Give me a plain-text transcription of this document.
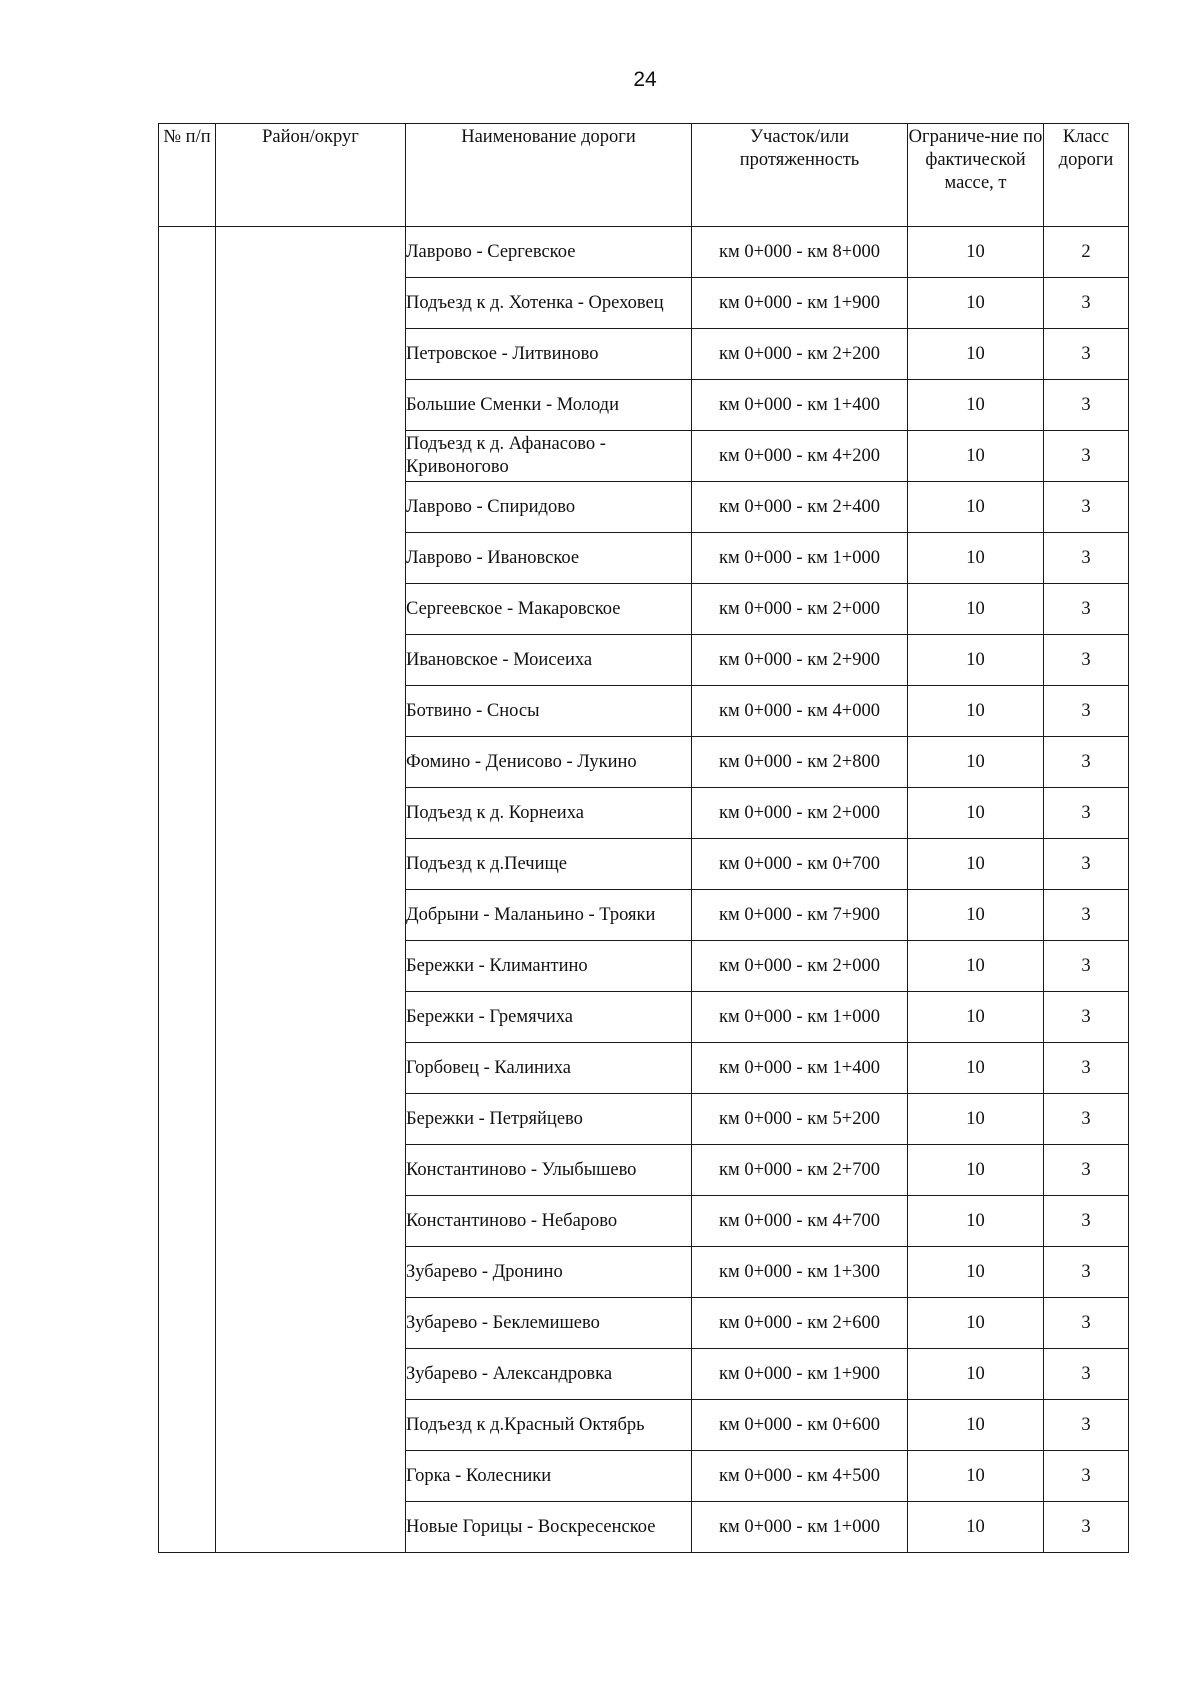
24
№ п/п	Район/округ	Наименование дороги	Участок/или протяженность	Ограниче-ние по фактической массе, т	Класс дороги
		Лаврово - Сергевское	км 0+000 - км 8+000	10	2
		Подъезд к д. Хотенка - Ореховец	км 0+000 - км 1+900	10	3
		Петровское - Литвиново	км 0+000 - км 2+200	10	3
		Большие Сменки - Молоди	км 0+000 - км 1+400	10	3
		Подъезд к д. Афанасово - Кривоногово	км 0+000 - км 4+200	10	3
		Лаврово - Спиридово	км 0+000 - км 2+400	10	3
		Лаврово - Ивановское	км 0+000 - км 1+000	10	3
		Сергеевское - Макаровское	км 0+000 - км 2+000	10	3
		Ивановское - Моисеиха	км 0+000 - км 2+900	10	3
		Ботвино - Сносы	км 0+000 - км 4+000	10	3
		Фомино - Денисово - Лукино	км 0+000 - км 2+800	10	3
		Подъезд к д. Корнеиха	км 0+000 - км 2+000	10	3
		Подъезд к д.Печище	км 0+000 - км 0+700	10	3
		Добрыни - Маланьино - Трояки	км 0+000 - км 7+900	10	3
		Бережки - Климантино	км 0+000 - км 2+000	10	3
		Бережки - Гремячиха	км 0+000 - км 1+000	10	3
		Горбовец - Калиниха	км 0+000 - км 1+400	10	3
		Бережки - Петряйцево	км 0+000 - км 5+200	10	3
		Константиново - Улыбышево	км 0+000 - км 2+700	10	3
		Константиново - Небарово	км 0+000 - км 4+700	10	3
		Зубарево - Дронино	км 0+000 - км 1+300	10	3
		Зубарево - Беклемишево	км 0+000 - км 2+600	10	3
		Зубарево - Александровка	км 0+000 - км 1+900	10	3
		Подъезд к д.Красный Октябрь	км 0+000 - км 0+600	10	3
		Горка - Колесники	км 0+000 - км 4+500	10	3
		Новые Горицы - Воскресенское	км 0+000 - км 1+000	10	3
